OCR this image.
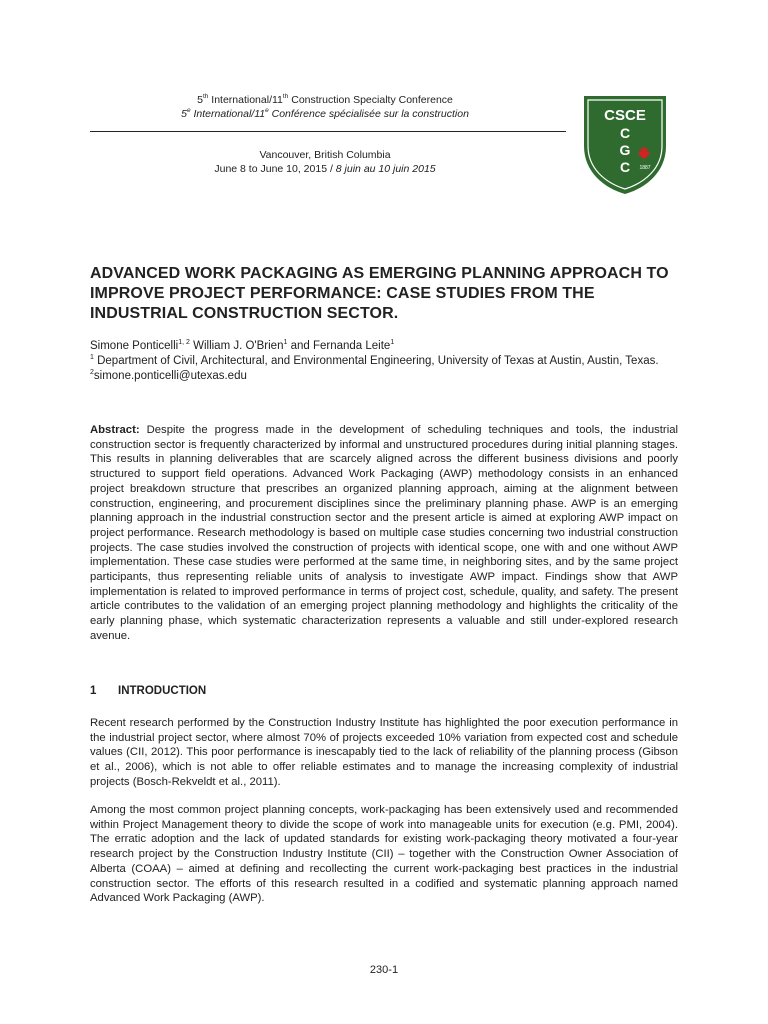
5th International/11th Construction Specialty Conference
5e International/11e Conférence spécialisée sur la construction
Vancouver, British Columbia
June 8 to June 10, 2015 / 8 juin au 10 juin 2015
CSCE
C
G
C 1887
ADVANCED WORK PACKAGING AS EMERGING PLANNING APPROACH TO IMPROVE PROJECT PERFORMANCE: CASE STUDIES FROM THE INDUSTRIAL CONSTRUCTION SECTOR.
Simone Ponticelli$^{1, 2}$ William J. O'Brien$^1$ and Fernanda Leite$^1$
$^1$ Department of Civil, Architectural, and Environmental Engineering, University of Texas at Austin, Austin, Texas.
$^2$simone.ponticelli@utexas.edu
Abstract: Despite the progress made in the development of scheduling techniques and tools, the industrial construction sector is frequently characterized by informal and unstructured procedures during initial planning stages. This results in planning deliverables that are scarcely aligned across the different business divisions and poorly structured to support field operations. Advanced Work Packaging (AWP) methodology consists in an enhanced project breakdown structure that prescribes an organized planning approach, aiming at the alignment between construction, engineering, and procurement disciplines since the preliminary planning phase. AWP is an emerging planning approach in the industrial construction sector and the present article is aimed at exploring AWP impact on project performance. Research methodology is based on multiple case studies concerning two industrial construction projects. The case studies involved the construction of projects with identical scope, one with and one without AWP implementation. These case studies were performed at the same time, in neighboring sites, and by the same project participants, thus representing reliable units of analysis to investigate AWP impact. Findings show that AWP implementation is related to improved performance in terms of project cost, schedule, quality, and safety. The present article contributes to the validation of an emerging project planning methodology and highlights the criticality of the early planning phase, which systematic characterization represents a valuable and still under-explored research avenue.
1 INTRODUCTION
Recent research performed by the Construction Industry Institute has highlighted the poor execution performance in the industrial project sector, where almost 70% of projects exceeded 10% variation from expected cost and schedule values (CII, 2012). This poor performance is inescapably tied to the lack of reliability of the planning process (Gibson et al., 2006), which is not able to offer reliable estimates and to manage the increasing complexity of industrial projects (Bosch-Rekveldt et al., 2011).
Among the most common project planning concepts, work-packaging has been extensively used and recommended within Project Management theory to divide the scope of work into manageable units for execution (e.g. PMI, 2004). The erratic adoption and the lack of updated standards for existing work-packaging theory motivated a four-year research project by the Construction Industry Institute (CII) – together with the Construction Owner Association of Alberta (COAA) – aimed at defining and recollecting the current work-packaging best practices in the industrial construction sector. The efforts of this research resulted in a codified and systematic planning approach named Advanced Work Packaging (AWP).
230-1
